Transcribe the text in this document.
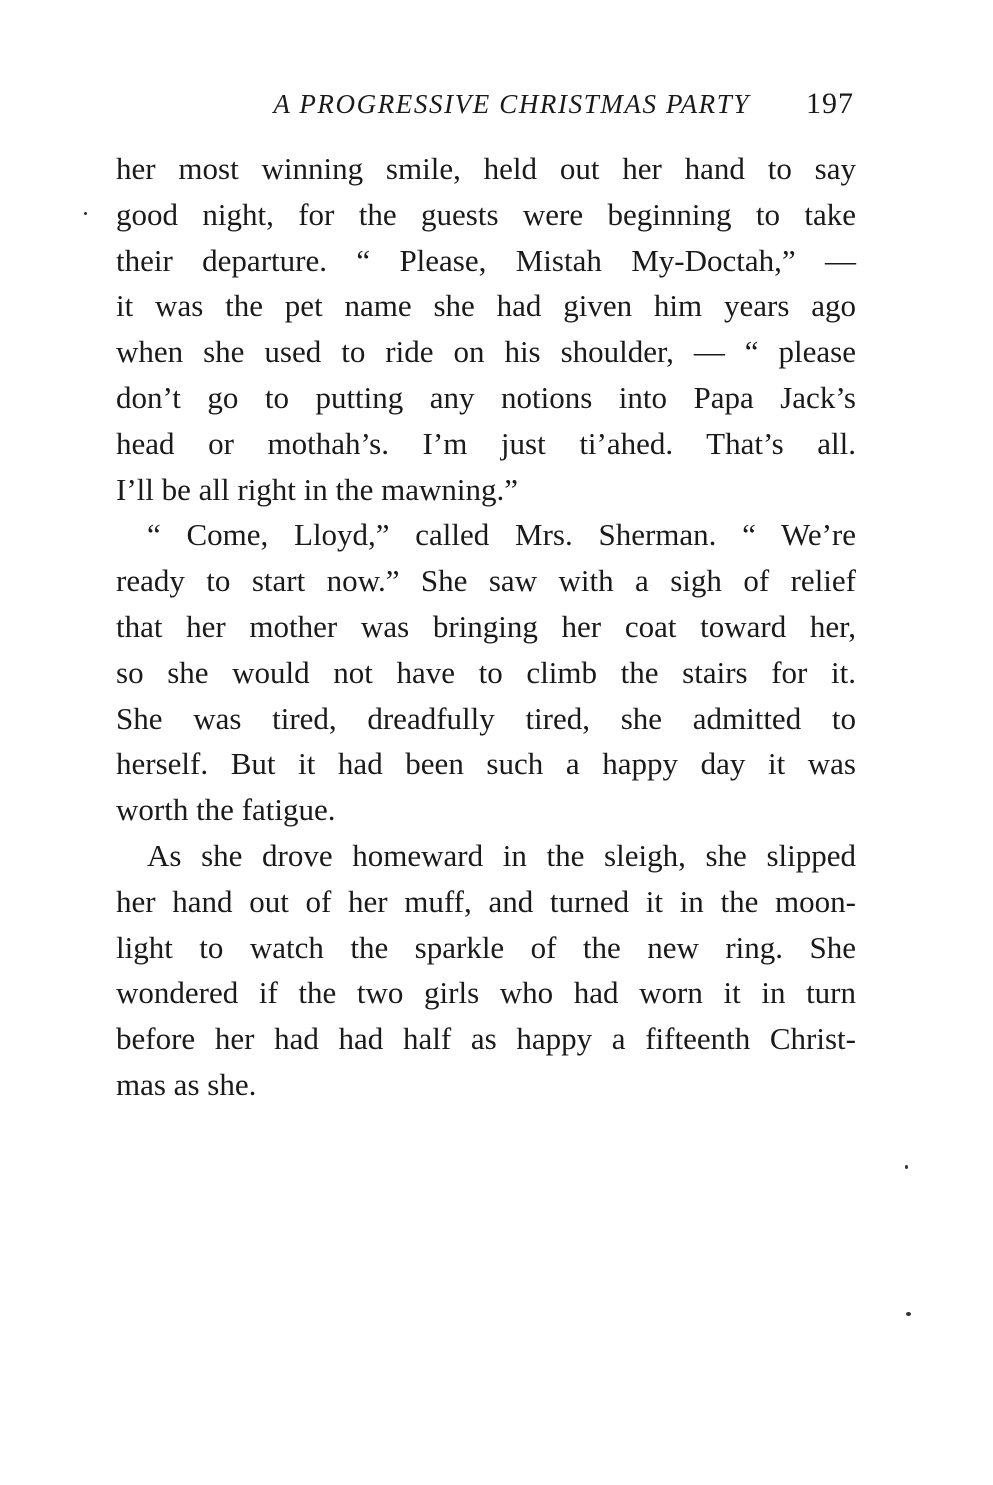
A PROGRESSIVE CHRISTMAS PARTY 197
her most winning smile, held out her hand to say
good night, for the guests were beginning to take
their departure. “ Please, Mistah My-Doctah,” —
it was the pet name she had given him years ago
when she used to ride on his shoulder, — “ please
don’t go to putting any notions into Papa Jack’s
head or mothah’s. I’m just ti’ahed. That’s all.
I’ll be all right in the mawning.”
“ Come, Lloyd,” called Mrs. Sherman. “ We’re
ready to start now.” She saw with a sigh of relief
that her mother was bringing her coat toward her,
so she would not have to climb the stairs for it.
She was tired, dreadfully tired, she admitted to
herself. But it had been such a happy day it was
worth the fatigue.
As she drove homeward in the sleigh, she slipped
her hand out of her muff, and turned it in the moon-
light to watch the sparkle of the new ring. She
wondered if the two girls who had worn it in turn
before her had had half as happy a fifteenth Christ-
mas as she.
